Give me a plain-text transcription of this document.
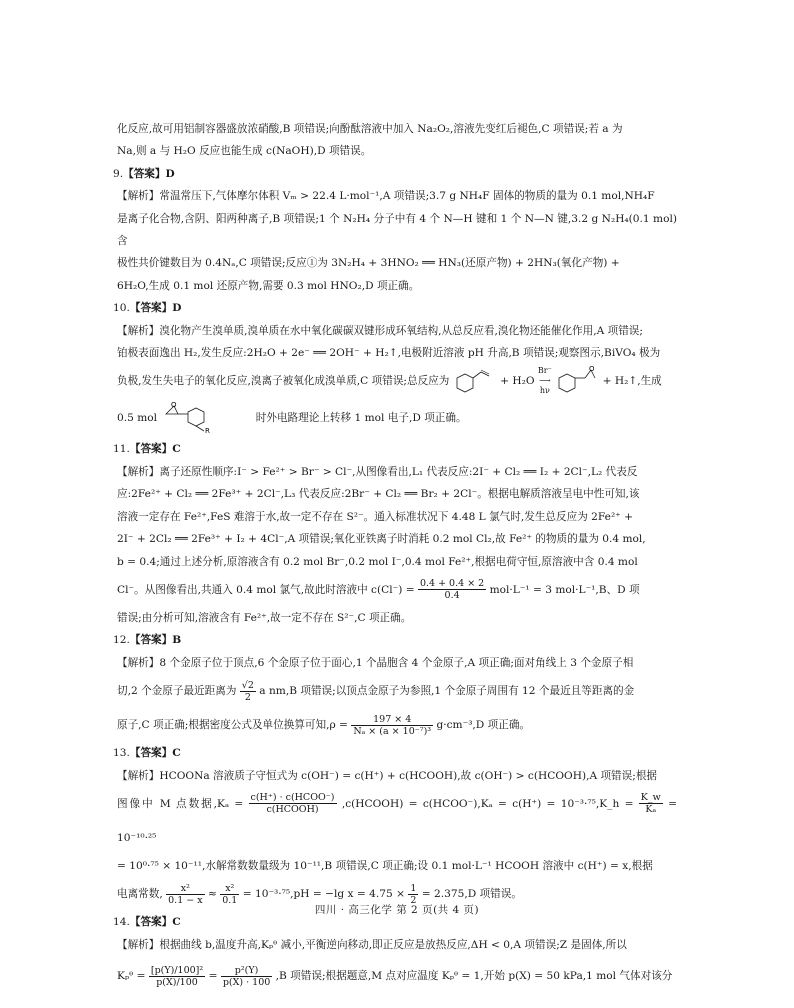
化反应,故可用铝制容器盛放浓硝酸,B 项错误;向酚酞溶液中加入 Na₂O₂,溶液先变红后褪色,C 项错误;若 a 为

Na,则 a 与 H₂O 反应也能生成 c(NaOH),D 项错误。

9.【答案】D

【解析】常温常压下,气体摩尔体积 Vₘ > 22.4 L·mol⁻¹,A 项错误;3.7 g NH₄F 固体的物质的量为 0.1 mol,NH₄F

是离子化合物,含阴、阳两种离子,B 项错误;1 个 N₂H₄ 分子中有 4 个 N—H 键和 1 个 N—N 键,3.2 g N₂H₄(0.1 mol)含

极性共价键数目为 0.4Nₐ,C 项错误;反应①为 3N₂H₄ + 3HNO₂ ══ HN₃(还原产物) + 2HN₃(氧化产物) +

6H₂O,生成 0.1 mol 还原产物,需要 0.3 mol HNO₂,D 项正确。

10.【答案】D

【解析】溴化物产生溴单质,溴单质在水中氧化碳碳双键形成环氧结构,从总反应看,溴化物还能催化作用,A 项错误;

铂极表面逸出 H₂,发生反应:2H₂O + 2e⁻ ══ 2OH⁻ + H₂↑,电极附近溶液 pH 升高,B 项错误;观察图示,BiVO₄ 极为

负极,发生失电子的氧化反应,溴离子被氧化成溴单质,C 项错误;总反应为	+ H₂O
Br⁻
⟶
hν

O
+ H₂↑,生成

0.5 mol
O
R
时外电路理论上转移 1 mol 电子,D 项正确。

11.【答案】C

【解析】离子还原性顺序:I⁻ > Fe²⁺ > Br⁻ > Cl⁻,从图像看出,L₁ 代表反应:2I⁻ + Cl₂ ══ I₂ + 2Cl⁻,L₂ 代表反

应:2Fe²⁺ + Cl₂ ══ 2Fe³⁺ + 2Cl⁻,L₃ 代表反应:2Br⁻ + Cl₂ ══ Br₂ + 2Cl⁻。根据电解质溶液呈电中性可知,该

溶液一定存在 Fe²⁺,FeS 难溶于水,故一定不存在 S²⁻。通入标准状况下 4.48 L 氯气时,发生总反应为 2Fe²⁺ +

2I⁻ + 2Cl₂ ══ 2Fe³⁺ + I₂ + 4Cl⁻,A 项错误;氧化亚铁离子时消耗 0.2 mol Cl₂,故 Fe²⁺ 的物质的量为 0.4 mol,

b = 0.4;通过上述分析,原溶液含有 0.2 mol Br⁻,0.2 mol I⁻,0.4 mol Fe²⁺,根据电荷守恒,原溶液中含 0.4 mol

Cl⁻。从图像看出,共通入 0.4 mol 氯气,故此时溶液中 $c(Cl^-) = \frac{0.4 + 0.4 \times 2}{0.4} mol\cdot L^{-1} = 3$ mol·L⁻¹,B、D 项

错误;由分析可知,溶液含有 Fe²⁺,故一定不存在 S²⁻,C 项正确。

12.【答案】B

【解析】8 个金原子位于顶点,6 个金原子位于面心,1 个晶胞含 4 个金原子,A 项正确;面对角线上 3 个金原子相

切,2 个金原子最近距离为 $\frac{√2}{2}$ a nm,B 项错误;以顶点金原子为参照,1 个金原子周围有 12 个最近且等距离的金

原子,C 项正确;根据密度公式及单位换算可知$,\rho = \frac{197 \times 4}{\text{Nₐ × (a × 10⁻⁷)³}} g\cdot cm^{-3},D$ 项正确。

13.【答案】C

【解析】HCOONa 溶液质子守恒式为 c(OH⁻) = c(H⁺) + c(HCOOH),故 c(OH⁻) > c(HCOOH),A 项错误;根据

图像中 M 点数据$,K_a = \frac{\text{c(H⁺) · c(HCOO⁻)}}{\text{c(HCOOH)}}$ ,c(HCOOH) = c(HCOO⁻),Kₐ = c(H⁺) = 10⁻³·⁷⁵,K_h = $\frac{K\_w}{\text{Kₐ}} = 10^{-10}\cdot^{25}$

= 10⁰·⁷⁵ × 10⁻¹¹,水解常数数量级为 10⁻¹¹,B 项错误,C 项正确;设 0.1 mol·L⁻¹ HCOOH 溶液中 c(H⁺) = x,根据

电离常数, $\frac{\text{x²}}{0.1 - x} \approx \frac{\text{x²}}{0.1} = 10^{-3}\cdot^{75},pH = -\lg$ $x = 4.75 \times \frac{1}{2} = 2.375,D$ 项错误。

14.【答案】C

【解析】根据曲线 b,温度升高,Kₚᶿ 减小,平衡逆向移动,即正反应是放热反应,ΔH < 0,A 项错误;Z 是固体,所以

Kₚᶿ = $\frac{\text{[p(Y)/100]²}}{p(X)/100} = \frac{\text{p²(Y)}}{p(X) \cdot 100} ,B$ 项错误;根据题意,M 点对应温度 Kₚᶿ = 1,开始 p(X) = 50 kPa,1 mol 气体对该分

四川 · 高三化学 第 2 页(共 4 页)
